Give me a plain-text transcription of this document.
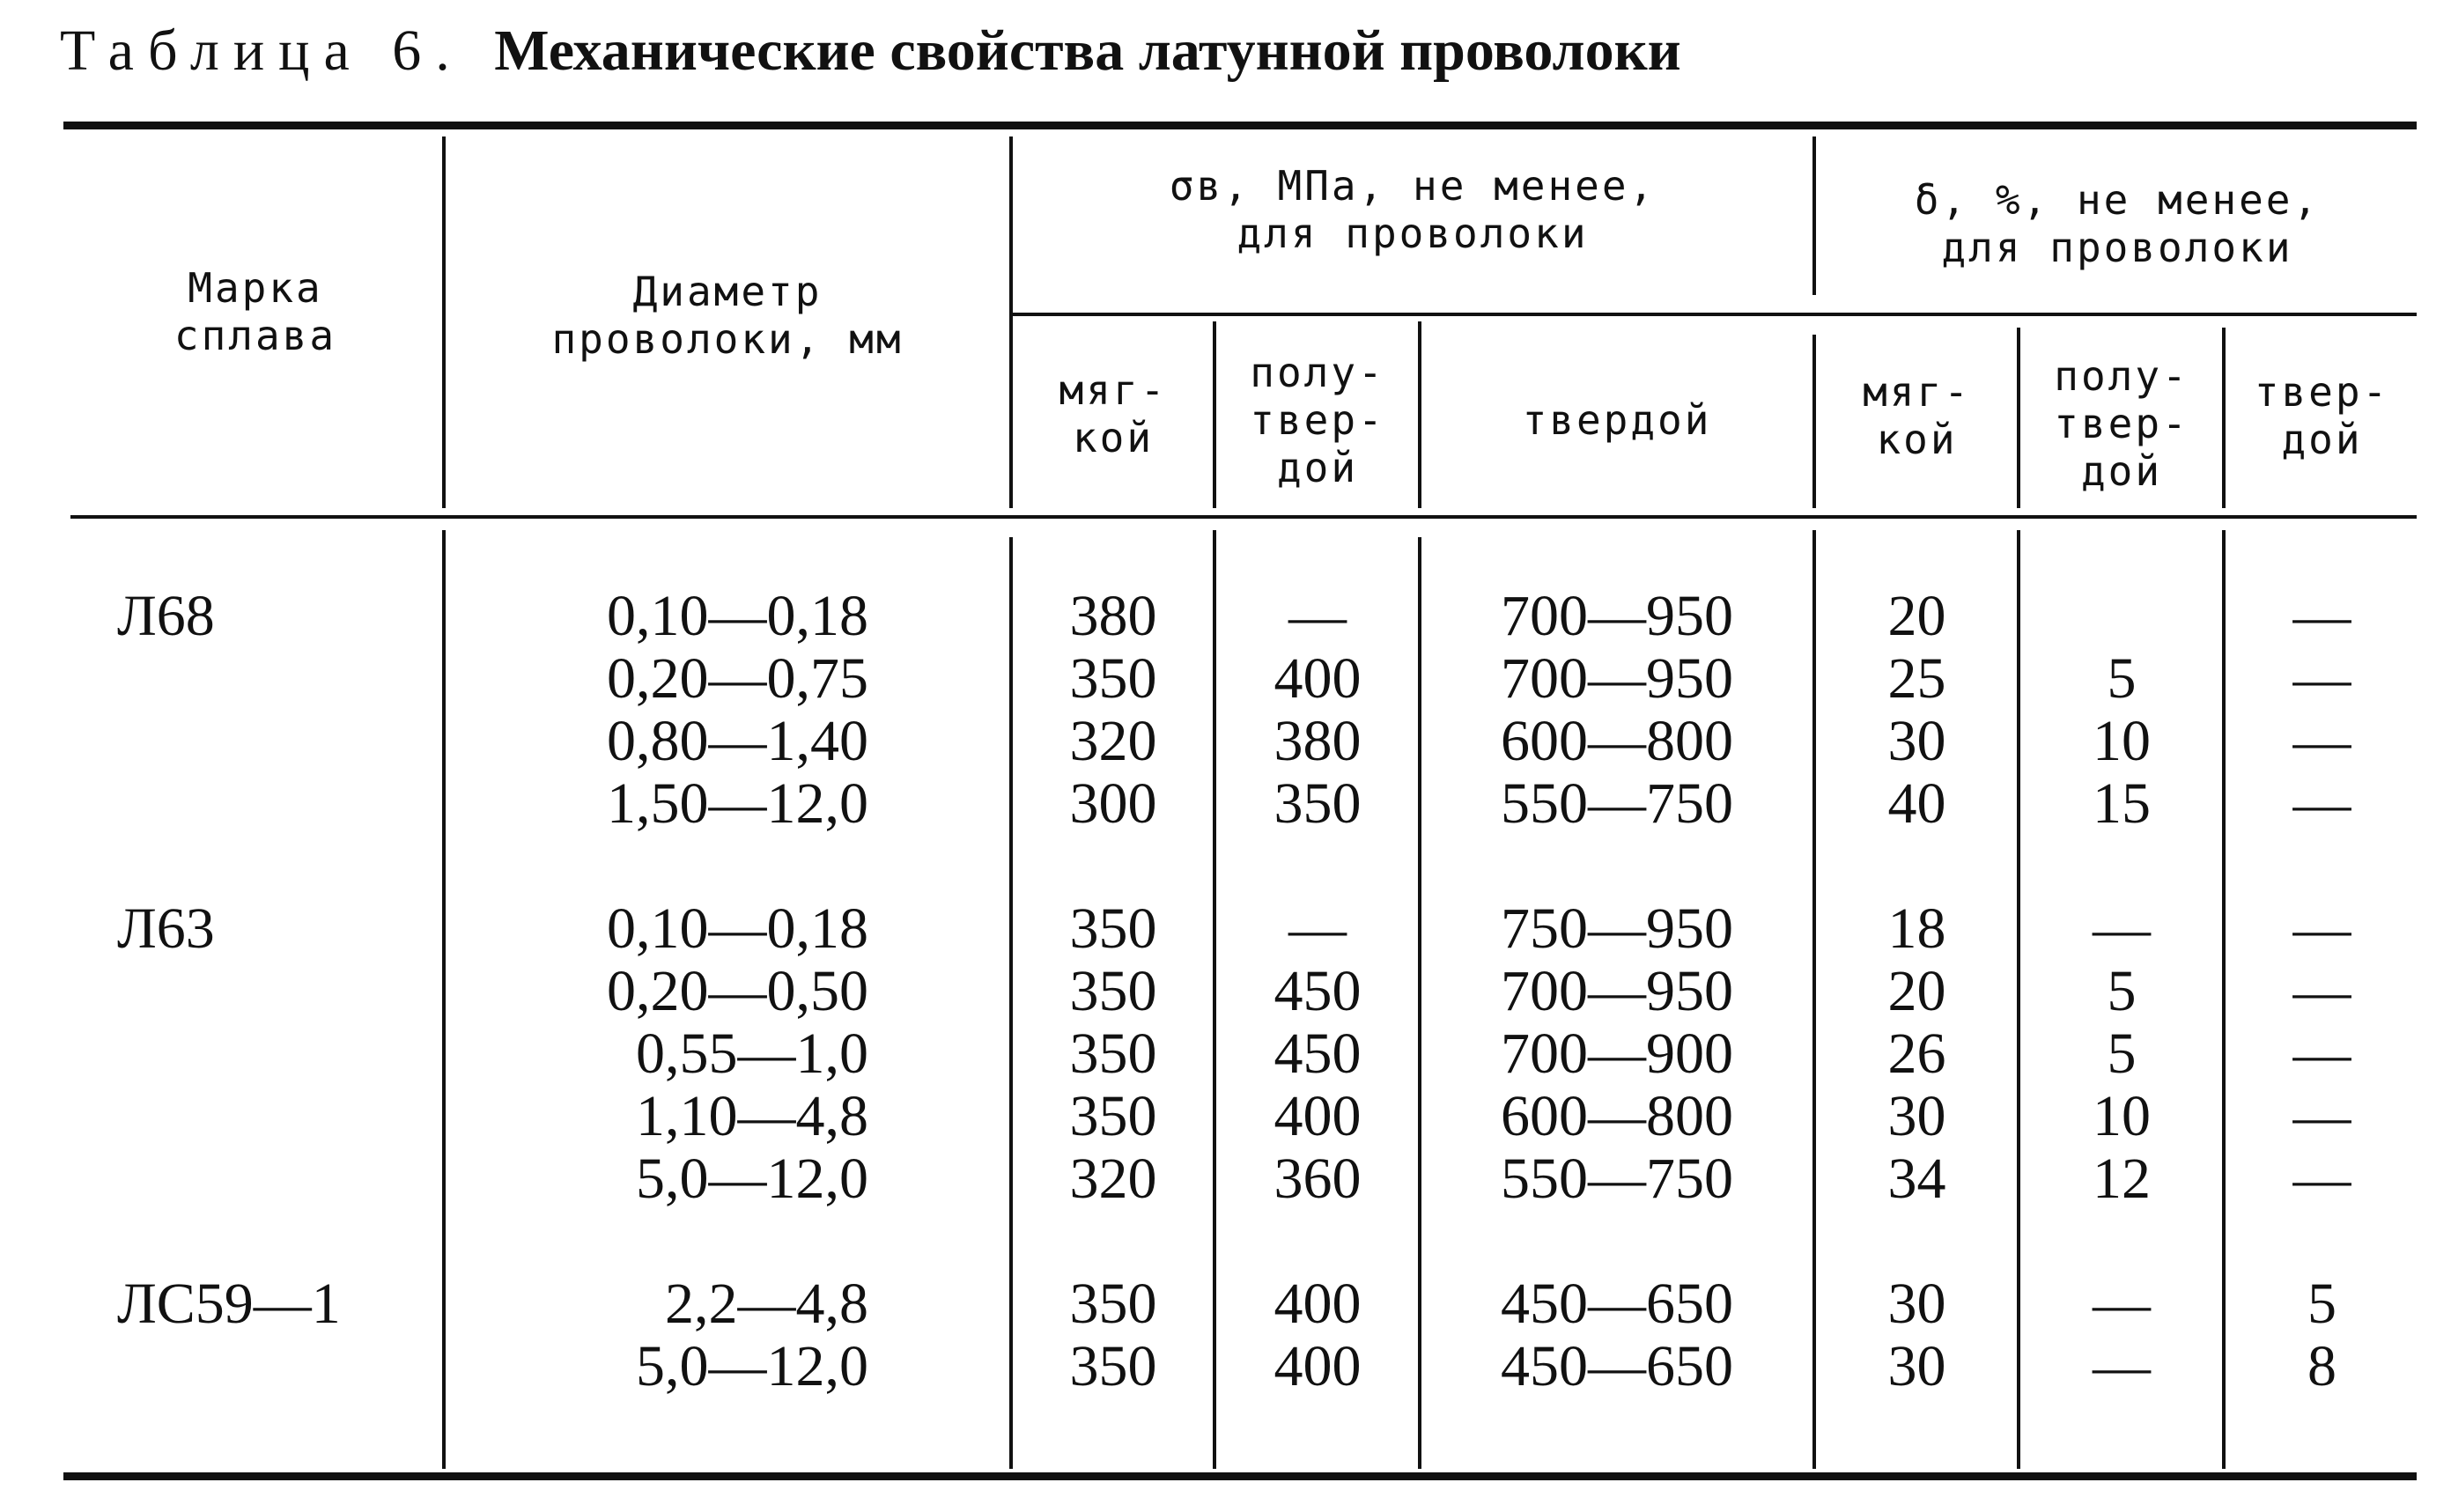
Таблица 6. Механические свойства латунной проволоки
Марка
сплава
Диаметр
проволоки, мм
σв, МПа, не менее,
для проволоки
δ, %, не менее,
для проволоки
мяг-
кой
полу-
твер-
дой
твердой
мяг-
кой
полу-
твер-
дой
твер-
дой
Л68

Л63

ЛС59—1

0,10—0,18
0,20—0,75
0,80—1,40
1,50—12,0

0,10—0,18
0,20—0,50
0,55—1,0
1,10—4,8
5,0—12,0

2,2—4,8
5,0—12,0
380
350
320
300

350
350
350
350
320

350
350
—
400
380
350

—
450
450
400
360

400
400
700—950
700—950
600—800
550—750

750—950
700—950
700—900
600—800
550—750

450—650
450—650
20
25
30
40

18
20
26
30
34

30
30

5
10
15

—
5
5
10
12

—
—
—
—
—
—

—
—
—
—
—

5
8
